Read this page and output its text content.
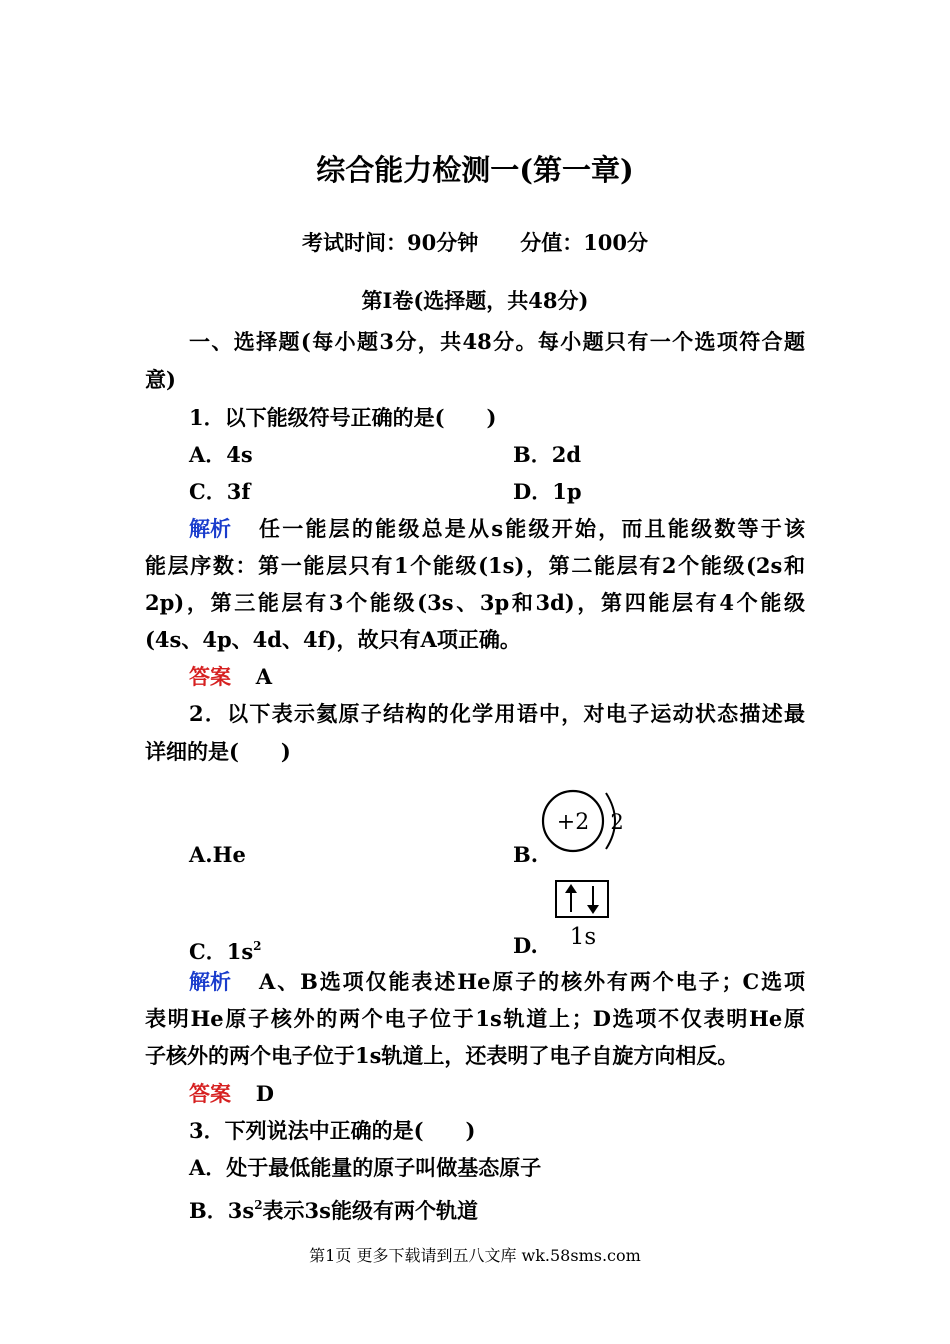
综合能力检测一(第一章)
考试时间：90分钟　　分值：100分
第Ⅰ卷(选择题，共48分)
一、选择题(每小题3分，共48分。每小题只有一个选项符合题
意)
1．以下能级符号正确的是(　　)
A．4s	B．2d
C．3f	D．1p
解析 任一能层的能级总是从s能级开始，而且能级数等于该
能层序数：第一能层只有1个能级(1s)，第二能层有2个能级(2s和
2p)，第三能层有3个能级(3s、3p和3d)，第四能层有4个能级
(4s、4p、4d、4f)，故只有A项正确。
答案 A
2．以下表示氦原子结构的化学用语中，对电子运动状态描述最
详细的是(　　)
A.He	B.
+2 2
C．$1s^2$	D. 1s
解析 A、B选项仅能表述He原子的核外有两个电子；C选项
表明He原子核外的两个电子位于1s轨道上；D选项不仅表明He原
子核外的两个电子位于1s轨道上，还表明了电子自旋方向相反。
答案 D
3．下列说法中正确的是(　　)
A．处于最低能量的原子叫做基态原子
B．$3s^2$表示3s能级有两个轨道
第1页 更多下载请到五八文库 wk.58sms.com
